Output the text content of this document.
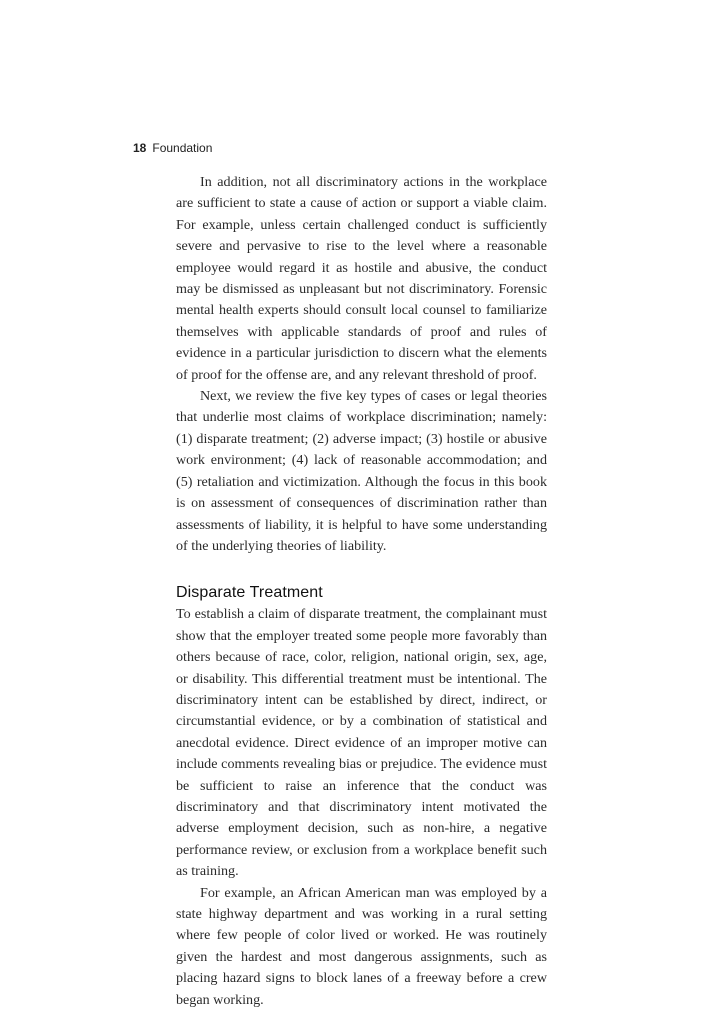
18 Foundation

In addition, not all discriminatory actions in the workplace are sufficient to state a cause of action or support a viable claim. For example, unless certain challenged conduct is sufficiently severe and pervasive to rise to the level where a reasonable employee would regard it as hostile and abusive, the conduct may be dismissed as unpleasant but not discriminatory. Forensic mental health experts should consult local counsel to familiarize themselves with applicable standards of proof and rules of evidence in a particular jurisdiction to discern what the elements of proof for the offense are, and any relevant threshold of proof.

Next, we review the five key types of cases or legal theories that underlie most claims of workplace discrimination; namely: (1) disparate treatment; (2) adverse impact; (3) hostile or abusive work environment; (4) lack of reasonable accommodation; and (5) retaliation and victimization. Although the focus in this book is on assessment of consequences of discrimination rather than assessments of liability, it is helpful to have some understanding of the underlying theories of liability.

Disparate Treatment

To establish a claim of disparate treatment, the complainant must show that the employer treated some people more favorably than others because of race, color, religion, national origin, sex, age, or disability. This differential treatment must be intentional. The discriminatory intent can be established by direct, indirect, or circumstantial evidence, or by a combination of statistical and anecdotal evidence. Direct evidence of an improper motive can include comments revealing bias or prejudice. The evidence must be sufficient to raise an inference that the conduct was discriminatory and that discriminatory intent motivated the adverse employment decision, such as non-hire, a negative performance review, or exclusion from a workplace benefit such as training.

For example, an African American man was employed by a state highway department and was working in a rural setting where few people of color lived or worked. He was routinely given the hardest and most dangerous assignments, such as placing hazard signs to block lanes of a freeway before a crew began working.
